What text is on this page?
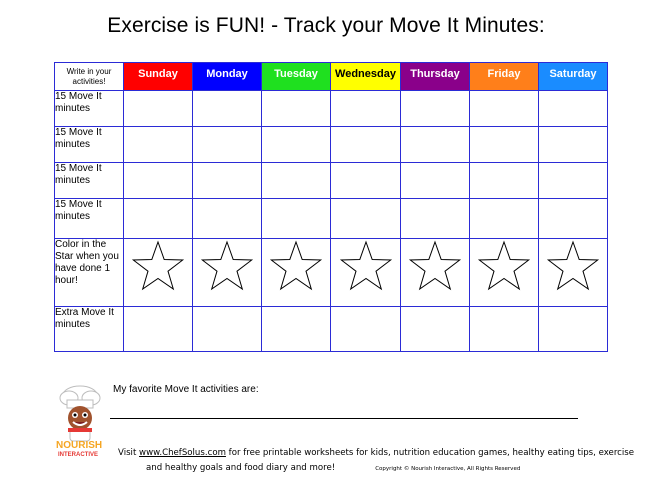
Exercise is FUN! - Track your Move It Minutes:
Write in your activities!	Sunday	Monday	Tuesday	Wednesday	Thursday	Friday	Saturday
15 Move It minutes							
15 Move It minutes							
15 Move It minutes							
15 Move It minutes							
Color in the Star when you have done 1 hour!	

Extra Move It minutes							
NOURISH
INTERACTIVE
My favorite Move It activities are:
Visit www.ChefSolus.com for free printable worksheets for kids, nutrition education games, healthy eating tips, exercise
and healthy goals and food diary and more!	Copyright © Nourish Interactive, All Rights Reserved
